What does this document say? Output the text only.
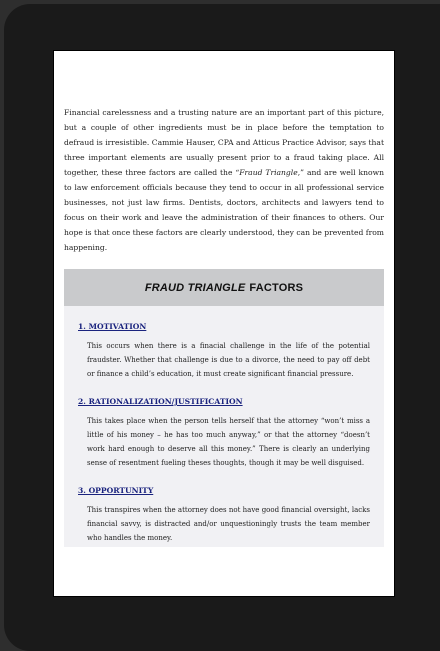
Financial carelessness and a trusting nature are an important part of this picture, but a couple of other ingredients must be in place before the temptation to defraud is irresistible. Cammie Hauser, CPA and Atticus Practice Advisor, says that three important elements are usually present prior to a fraud taking place. All together, these three factors are called the “Fraud Triangle,” and are well known to law enforcement officials because they tend to occur in all professional service businesses, not just law firms. Dentists, doctors, architects and lawyers tend to focus on their work and leave the administration of their finances to others. Our hope is that once these factors are clearly understood, they can be prevented from happening.

FRAUD TRIANGLE FACTORS
1. MOTIVATION

This occurs when there is a finacial challenge in the life of the potential fraudster. Whether that challenge is due to a divorce, the need to pay off debt or finance a child’s education, it must create significant financial pressure.

2. RATIONALIZATION/JUSTIFICATION

This takes place when the person tells herself that the attorney “won’t miss a little of his money – he has too much anyway,” or that the attorney “doesn’t work hard enough to deserve all this money.” There is clearly an underlying sense of resentment fueling theses thoughts, though it may be well disguised.

3. OPPORTUNITY

This transpires when the attorney does not have good financial oversight, lacks financial savvy, is distracted and/or unquestioningly trusts the team member who handles the money.
